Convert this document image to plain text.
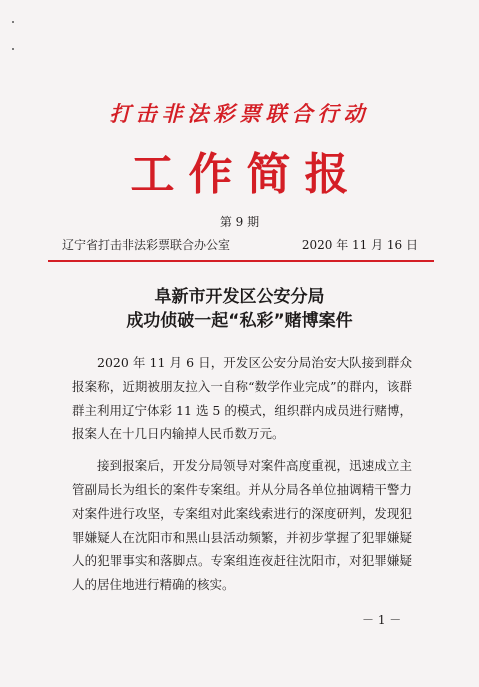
打击非法彩票联合行动
工作简报
第 9 期
辽宁省打击非法彩票联合办公室	2020 年 11 月 16 日
阜新市开发区公安分局
成功侦破一起“私彩”赌博案件

2020 年 11 月 6 日，开发区公安分局治安大队接到群众报案称，近期被朋友拉入一自称“数学作业完成”的群内，该群群主利用辽宁体彩 11 选 5 的模式，组织群内成员进行赌博，报案人在十几日内输掉人民币数万元。

接到报案后，开发分局领导对案件高度重视，迅速成立主管副局长为组长的案件专案组。并从分局各单位抽调精干警力对案件进行攻坚，专案组对此案线索进行的深度研判，发现犯罪嫌疑人在沈阳市和黑山县活动频繁，并初步掌握了犯罪嫌疑人的犯罪事实和落脚点。专案组连夜赶往沈阳市，对犯罪嫌疑人的居住地进行精确的核实。

－ 1 －
